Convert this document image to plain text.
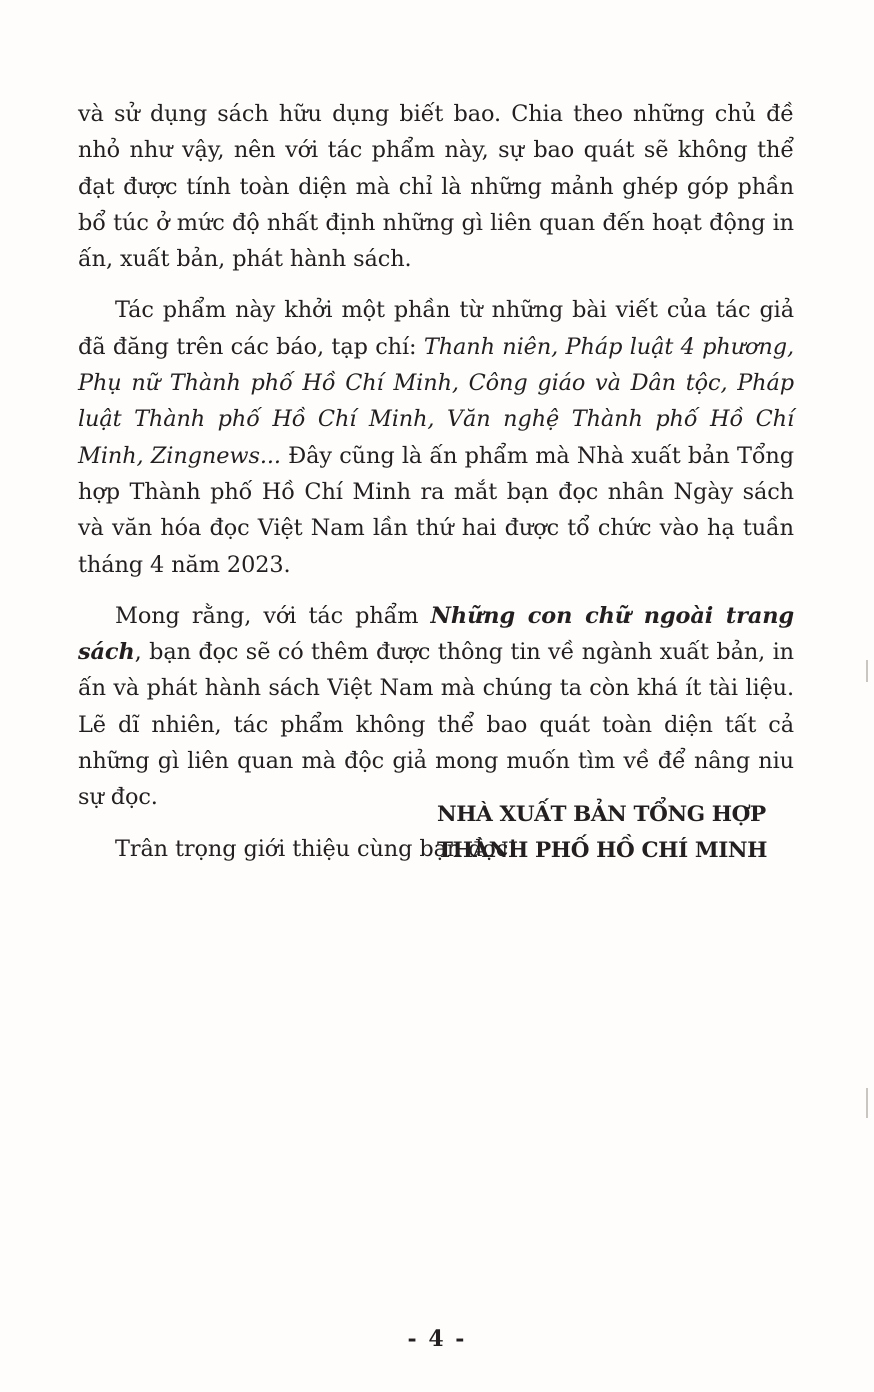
và sử dụng sách hữu dụng biết bao. Chia theo những chủ đề nhỏ như vậy, nên với tác phẩm này, sự bao quát sẽ không thể đạt được tính toàn diện mà chỉ là những mảnh ghép góp phần bổ túc ở mức độ nhất định những gì liên quan đến hoạt động in ấn, xuất bản, phát hành sách.

Tác phẩm này khởi một phần từ những bài viết của tác giả đã đăng trên các báo, tạp chí: Thanh niên, Pháp luật 4 phương, Phụ nữ Thành phố Hồ Chí Minh, Công giáo và Dân tộc, Pháp luật Thành phố Hồ Chí Minh, Văn nghệ Thành phố Hồ Chí Minh, Zingnews... Đây cũng là ấn phẩm mà Nhà xuất bản Tổng hợp Thành phố Hồ Chí Minh ra mắt bạn đọc nhân Ngày sách và văn hóa đọc Việt Nam lần thứ hai được tổ chức vào hạ tuần tháng 4 năm 2023.

Mong rằng, với tác phẩm Những con chữ ngoài trang sách, bạn đọc sẽ có thêm được thông tin về ngành xuất bản, in ấn và phát hành sách Việt Nam mà chúng ta còn khá ít tài liệu. Lẽ dĩ nhiên, tác phẩm không thể bao quát toàn diện tất cả những gì liên quan mà độc giả mong muốn tìm về để nâng niu sự đọc.

Trân trọng giới thiệu cùng bạn đọc!

NHÀ XUẤT BẢN TỔNG HỢP
THÀNH PHỐ HỒ CHÍ MINH
- 4 -
